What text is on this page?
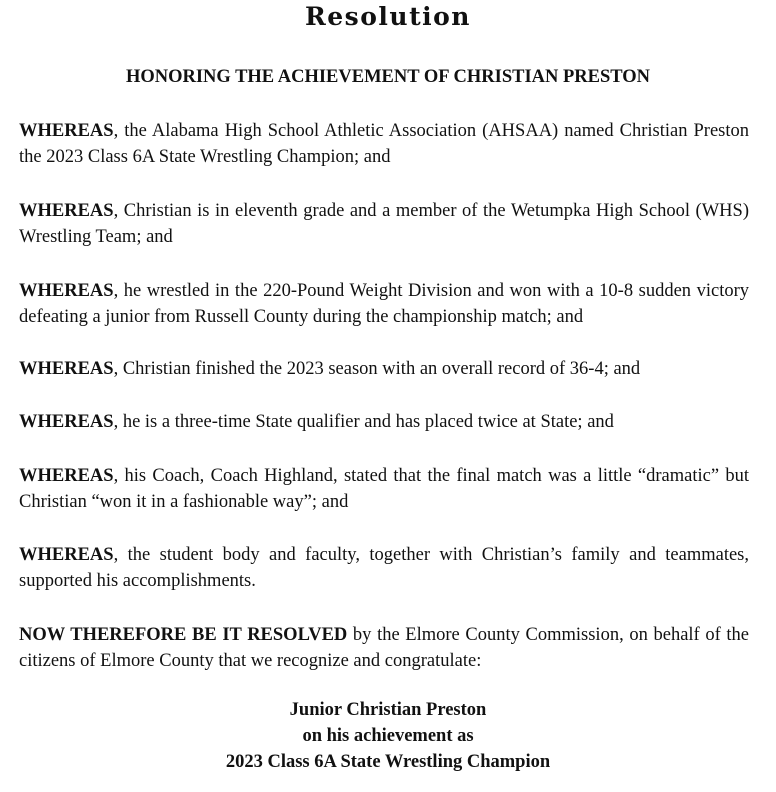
Resolution
HONORING THE ACHIEVEMENT OF CHRISTIAN PRESTON

WHEREAS, the Alabama High School Athletic Association (AHSAA) named Christian Preston the 2023 Class 6A State Wrestling Champion; and

WHEREAS, Christian is in eleventh grade and a member of the Wetumpka High School (WHS) Wrestling Team; and

WHEREAS, he wrestled in the 220-Pound Weight Division and won with a 10-8 sudden victory defeating a junior from Russell County during the championship match; and

WHEREAS, Christian finished the 2023 season with an overall record of 36-4; and

WHEREAS, he is a three-time State qualifier and has placed twice at State; and

WHEREAS, his Coach, Coach Highland, stated that the final match was a little “dramatic” but Christian “won it in a fashionable way”; and

WHEREAS, the student body and faculty, together with Christian’s family and teammates, supported his accomplishments.

NOW THEREFORE BE IT RESOLVED by the Elmore County Commission, on behalf of the citizens of Elmore County that we recognize and congratulate:

Junior Christian Preston
on his achievement as
2023 Class 6A State Wrestling Champion
